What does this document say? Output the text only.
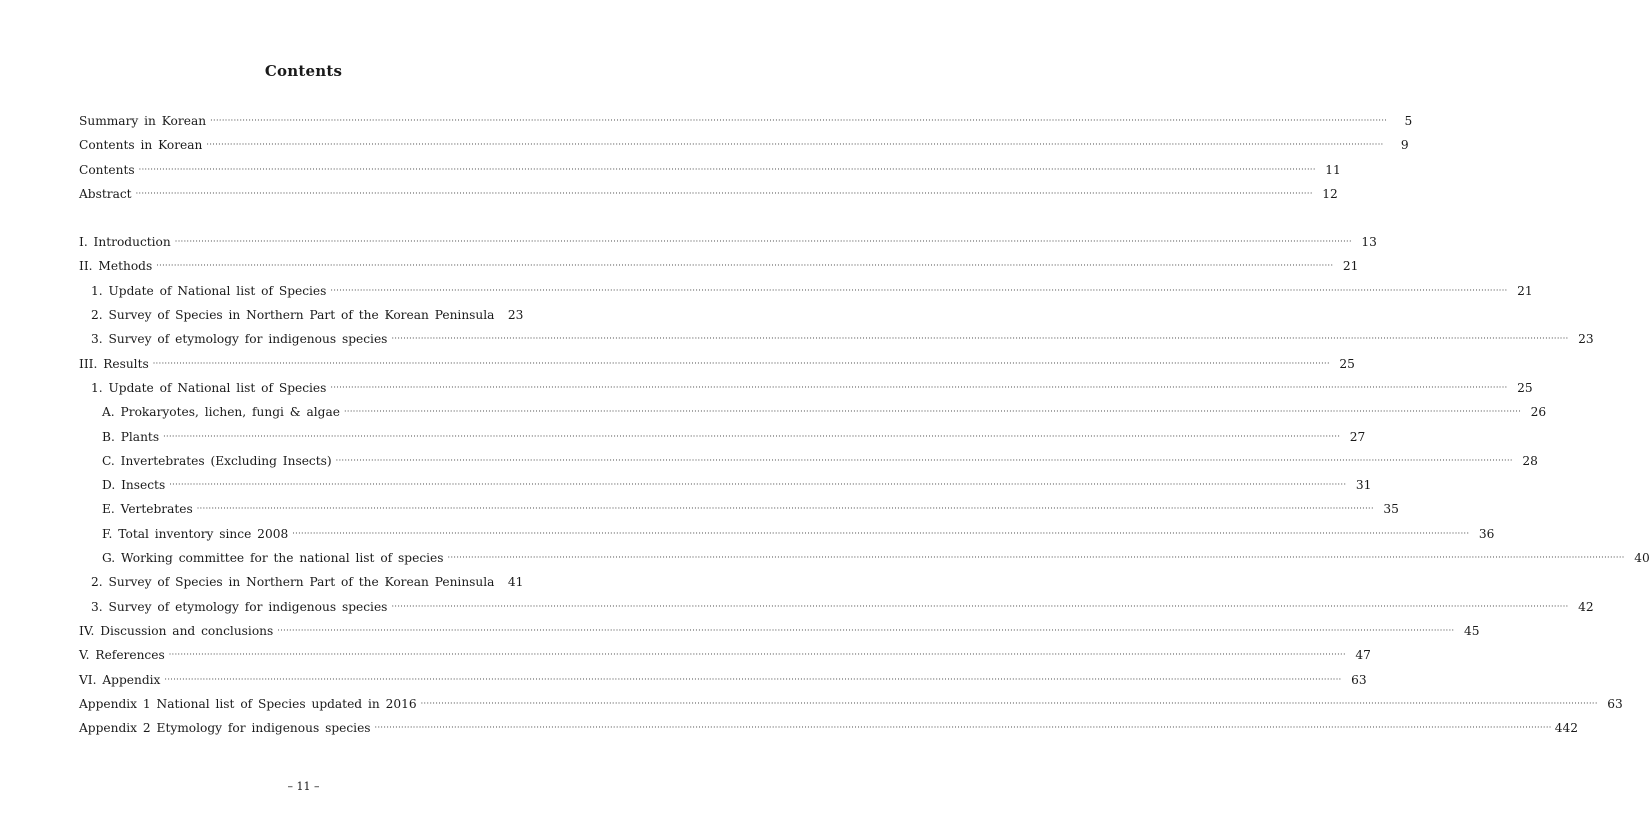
Contents
Summary in Korean ················································································································································································································································································································································································································	5
Contents in Korean ················································································································································································································································································································································································································	9
Contents ················································································································································································································································································································································································································ 11
Abstract ················································································································································································································································································································································································································ 12
I. Introduction ················································································································································································································································································································································································································ 13
II. Methods ················································································································································································································································································································································································································ 21
1. Update of National list of Species ················································································································································································································································································································································································································ 21
2. Survey of Species in Northern Part of the Korean Peninsula	23
3. Survey of etymology for indigenous species ················································································································································································································································································································································································································ 23
III. Results ················································································································································································································································································································································································································ 25
1. Update of National list of Species ················································································································································································································································································································································································································ 25
A. Prokaryotes, lichen, fungi & algae ················································································································································································································································································································································································································ 26
B. Plants ················································································································································································································································································································································································································ 27
C. Invertebrates (Excluding Insects) ················································································································································································································································································································································································································ 28
D. Insects ················································································································································································································································································································································································································ 31
E. Vertebrates ················································································································································································································································································································································································································ 35
F. Total inventory since 2008 ················································································································································································································································································································································································································ 36
G. Working committee for the national list of species ················································································································································································································································································································································································································ 40
2. Survey of Species in Northern Part of the Korean Peninsula	41
3. Survey of etymology for indigenous species ················································································································································································································································································································································································································ 42
IV. Discussion and conclusions ················································································································································································································································································································································································································ 45
V. References ················································································································································································································································································································································································································ 47
VI. Appendix ················································································································································································································································································································································································································ 63
Appendix 1 National list of Species updated in 2016 ················································································································································································································································································································································································································ 63
Appendix 2 Etymology for indigenous species ················································································································································································································································································································································································································ 442
– 11 –
